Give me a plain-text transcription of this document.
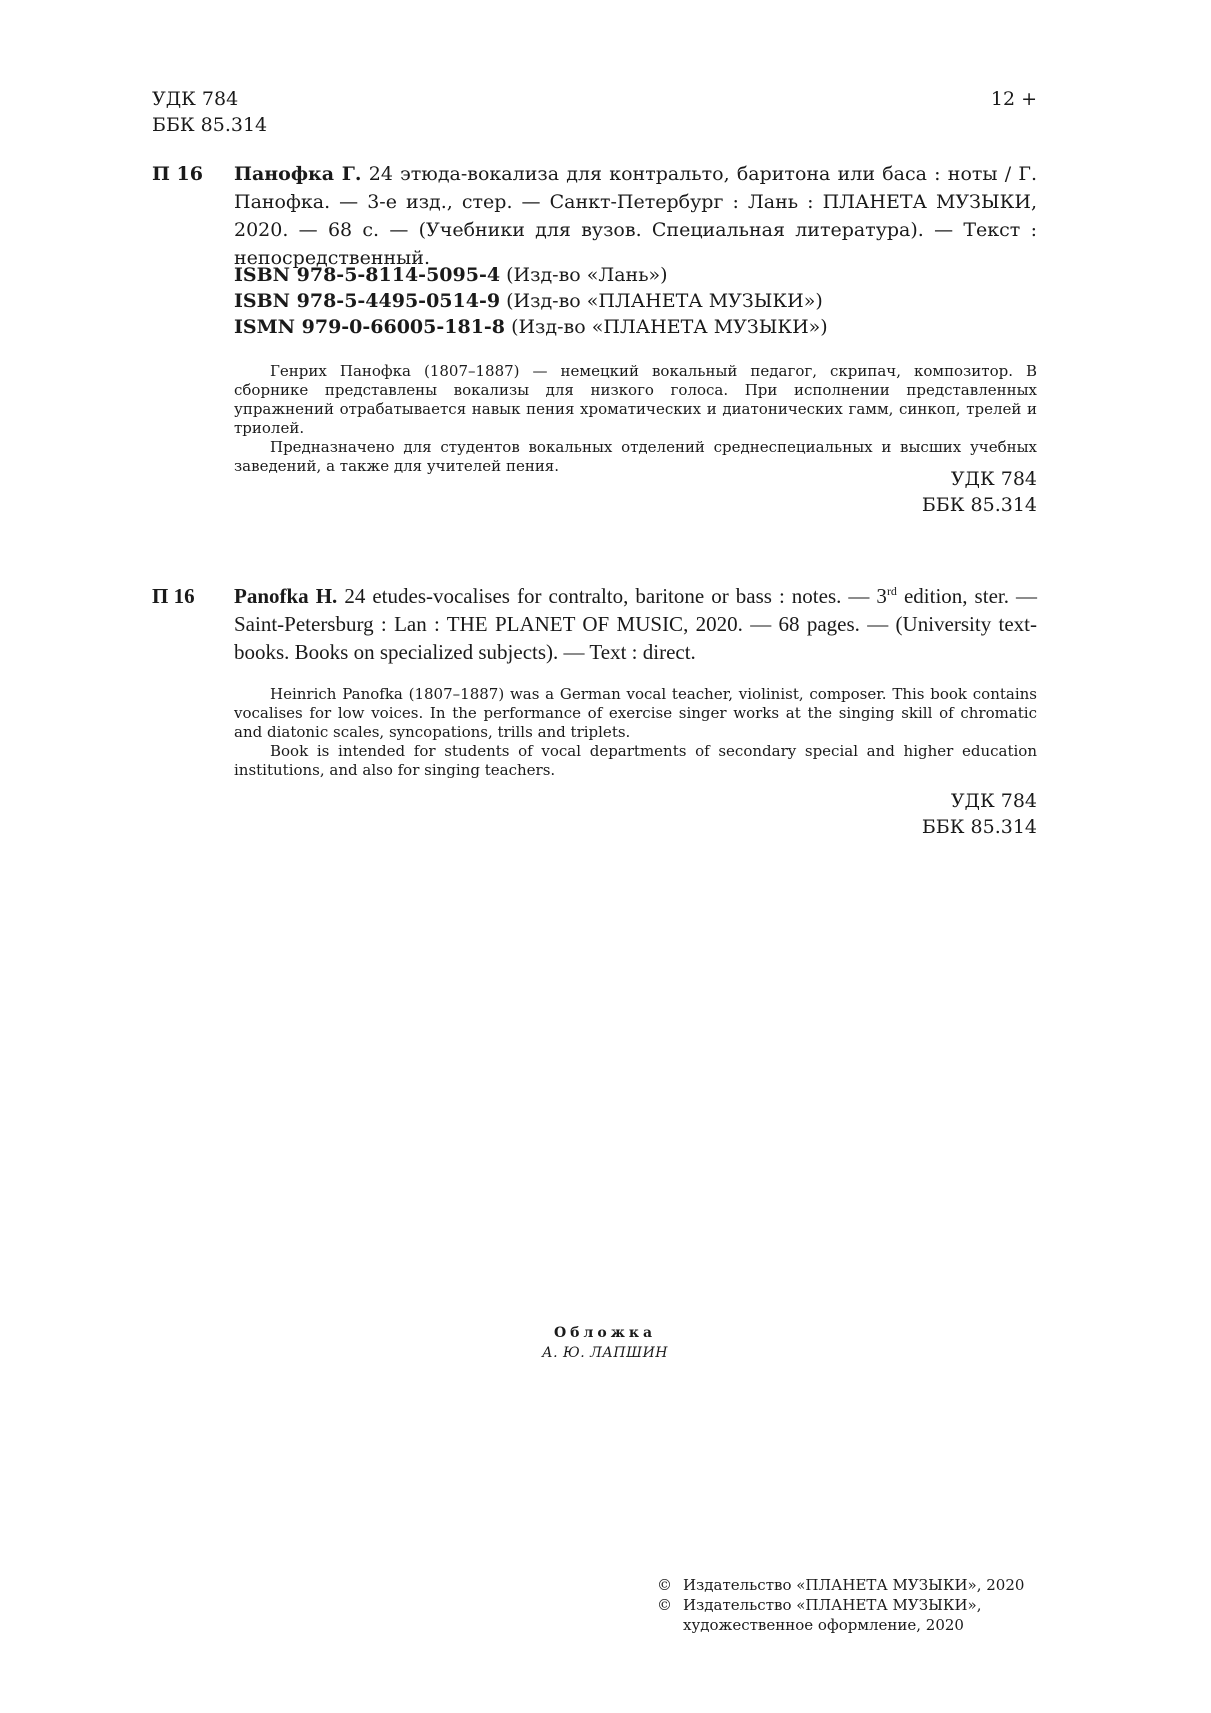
УДК 784
ББК 85.314
12 +
П 16 Панофка Г. 24 этюда-вокализа для контральто, баритона или баса : ноты / Г. Панофка. — 3-е изд., стер. — Санкт-Петербург : Лань : ПЛАНЕТА МУЗЫКИ, 2020. — 68 с. — (Учебники для вузов. Специальная литература). — Текст : непосредственный.
ISBN 978-5-8114-5095-4 (Изд-во «Лань»)
ISBN 978-5-4495-0514-9 (Изд-во «ПЛАНЕТА МУЗЫКИ»)
ISMN 979-0-66005-181-8 (Изд-во «ПЛАНЕТА МУЗЫКИ»)

Генрих Панофка (1807–1887) — немецкий вокальный педагог, скрипач, композитор. В сборнике представлены вокализы для низкого голоса. При исполнении представленных упражнений отрабатывается навык пения хроматических и диатонических гамм, синкоп, трелей и триолей.

Предназначено для студентов вокальных отделений среднеспециальных и высших учебных заведений, а также для учителей пения.

УДК 784
ББК 85.314
П 16 Panofka H. 24 etudes-vocalises for contralto, baritone or bass : notes. — 3rd edition, ster. — Saint-Petersburg : Lan : THE PLANET OF MUSIC, 2020. — 68 pages. — (University text-books. Books on specialized subjects). — Text : direct.

Heinrich Panofka (1807–1887) was a German vocal teacher, violinist, composer. This book contains vocalises for low voices. In the performance of exercise singer works at the singing skill of chromatic and diatonic scales, syncopations, trills and triplets.

Book is intended for students of vocal departments of secondary special and higher education institutions, and also for singing teachers.

УДК 784
ББК 85.314
Обложка
А. Ю. ЛАПШИН
© Издательство «ПЛАНЕТА МУЗЫКИ», 2020
© Издательство «ПЛАНЕТА МУЗЫКИ»,
художественное оформление, 2020
